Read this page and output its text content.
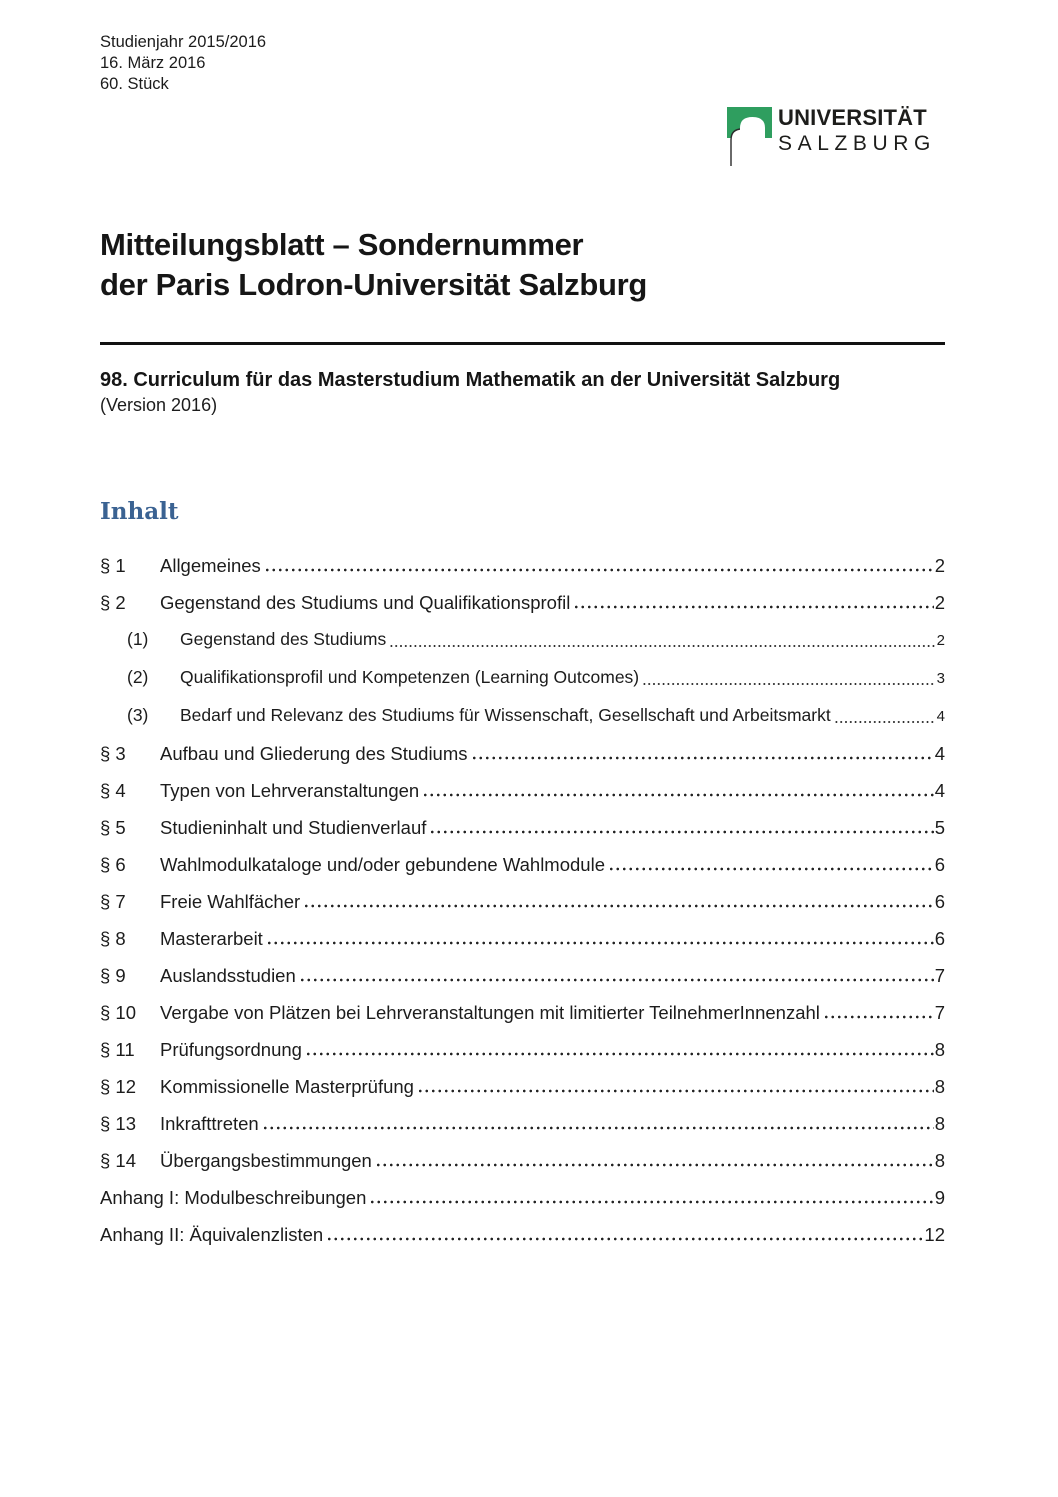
Studienjahr 2015/2016
16. März 2016
60. Stück
UNIVERSITÄT
SALZBURG
Mitteilungsblatt – Sondernummer
der Paris Lodron-Universität Salzburg
98. Curriculum für das Masterstudium Mathematik an der Universität Salzburg
(Version 2016)
Inhalt
§ 1	Allgemeines	2
§ 2	Gegenstand des Studiums und Qualifikationsprofil	2
(1)	Gegenstand des Studiums	2
(2)	Qualifikationsprofil und Kompetenzen (Learning Outcomes)	3
(3)	Bedarf und Relevanz des Studiums für Wissenschaft, Gesellschaft und Arbeitsmarkt	4
§ 3	Aufbau und Gliederung des Studiums	4
§ 4	Typen von Lehrveranstaltungen	4
§ 5	Studieninhalt und Studienverlauf	5
§ 6	Wahlmodulkataloge und/oder gebundene Wahlmodule	6
§ 7	Freie Wahlfächer	6
§ 8	Masterarbeit	6
§ 9	Auslandsstudien	7
§ 10	Vergabe von Plätzen bei Lehrveranstaltungen mit limitierter TeilnehmerInnenzahl	7
§ 11	Prüfungsordnung	8
§ 12	Kommissionelle Masterprüfung	8
§ 13	Inkrafttreten	8
§ 14	Übergangsbestimmungen	8
Anhang I: Modulbeschreibungen	9
Anhang II: Äquivalenzlisten	12
